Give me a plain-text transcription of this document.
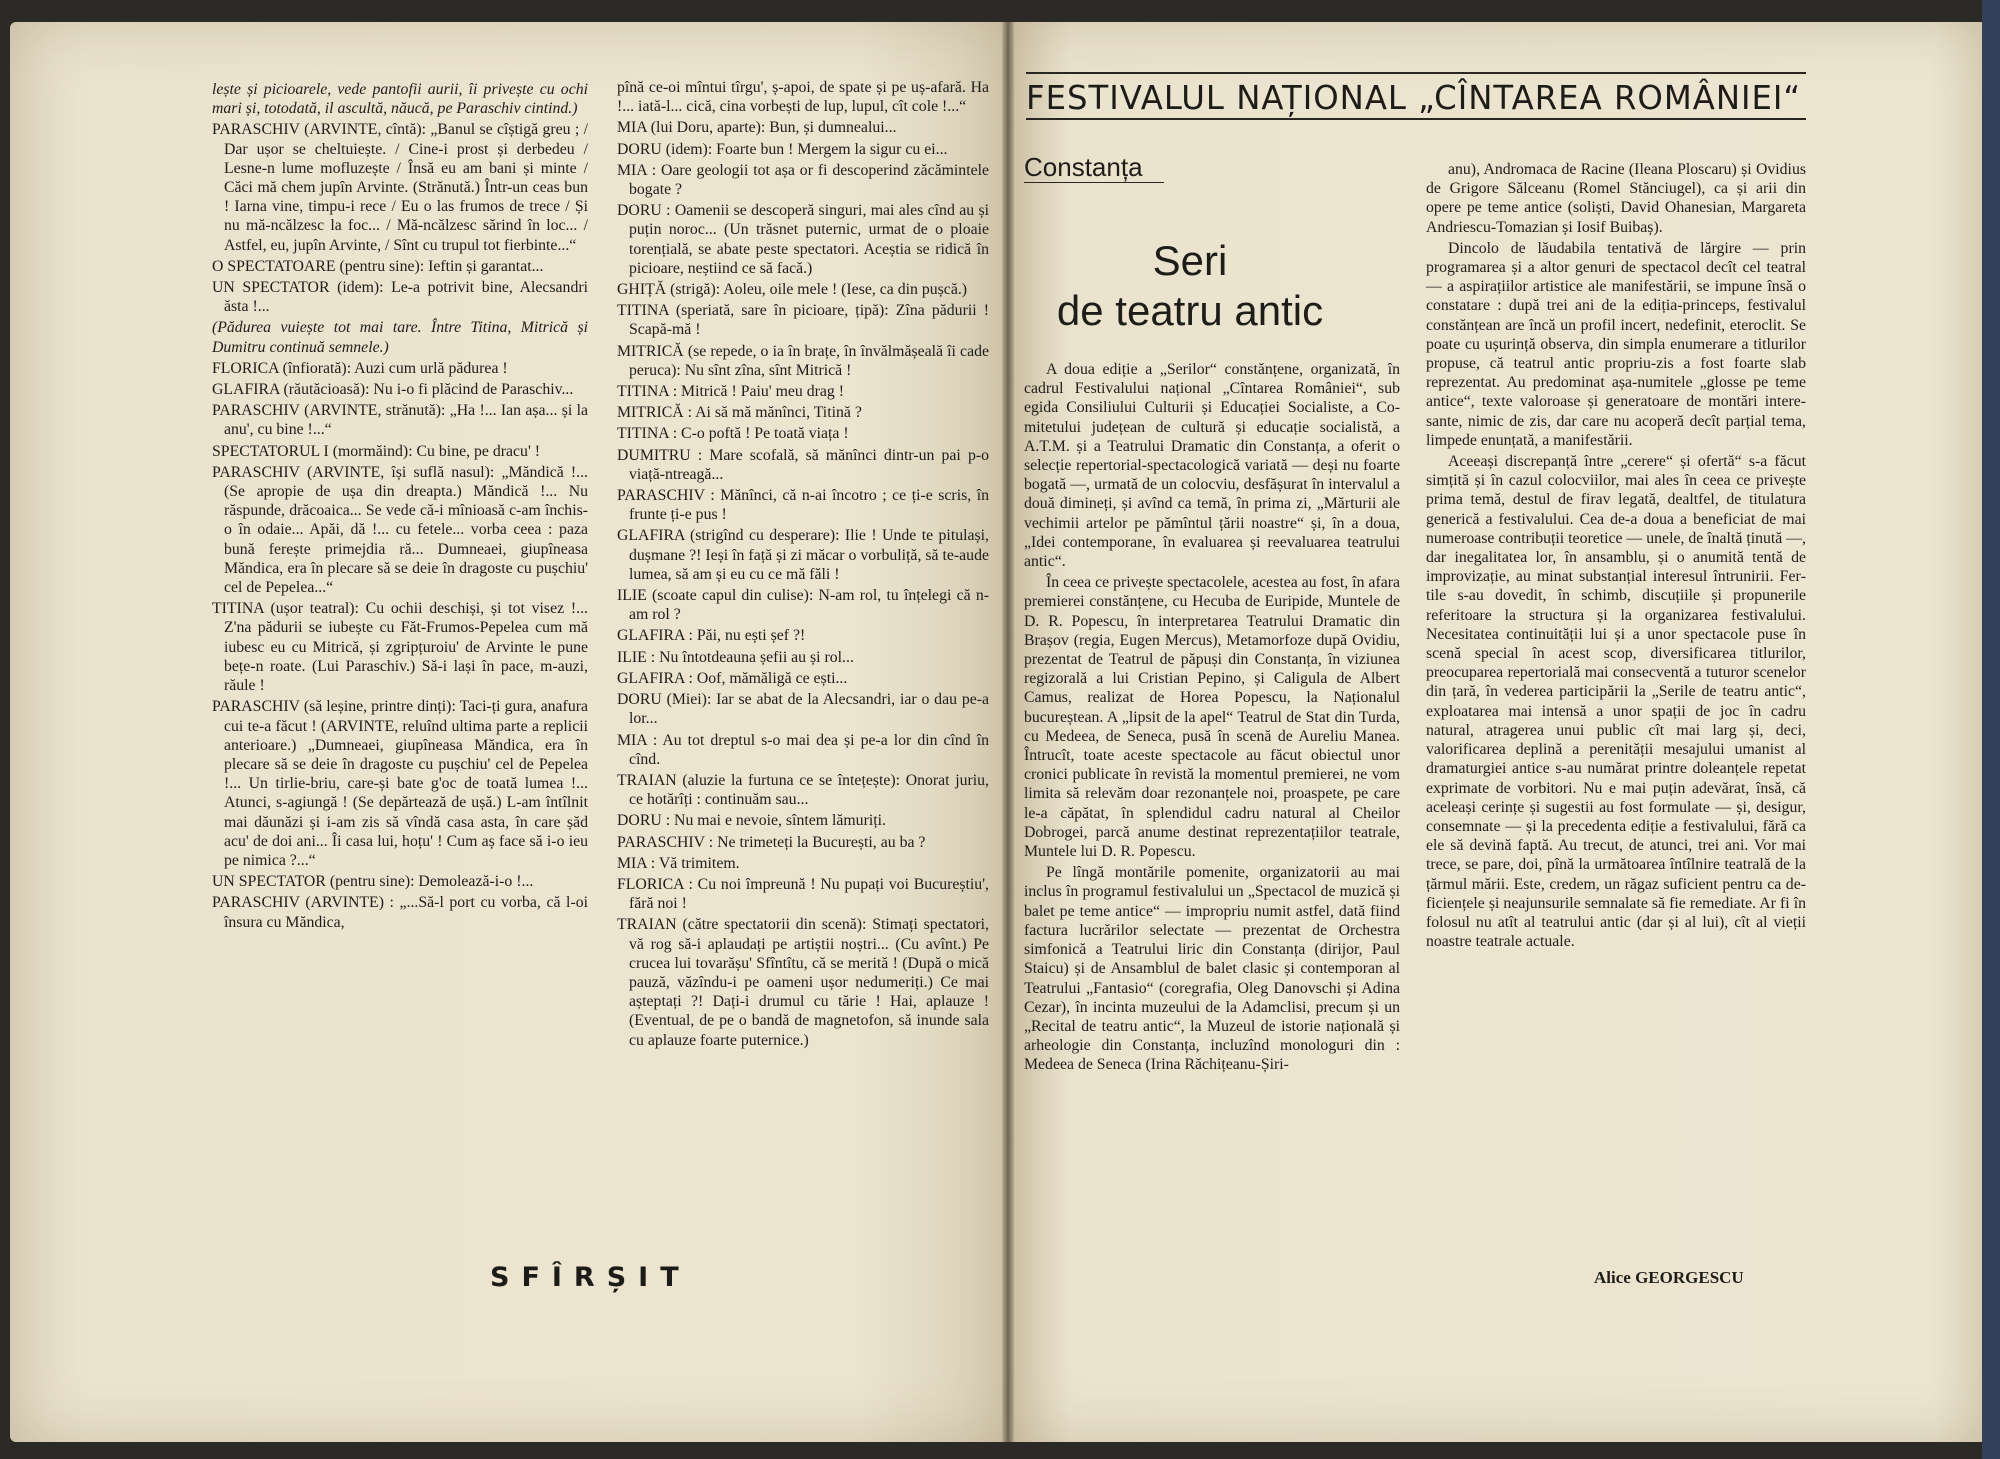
lește și picioarele, vede pantofii aurii, îi privește cu ochi mari și, totodată, il ascultă, năucă, pe Paraschiv cintind.)

PARASCHIV (ARVINTE, cîntă): „Banul se cîștigă greu ; / Dar ușor se cheltuiește. / Cine-i prost și derbedeu / Lesne-n lume mofluzește / Însă eu am bani și minte / Căci mă chem jupîn Arvinte. (Strănută.) Într-un ceas bun ! Iarna vine, timpu-i rece / Eu o las frumos de trece / Și nu mă-ncălzesc la foc... / Mă-ncălzesc sărind în loc... / Astfel, eu, jupîn Arvinte, / Sînt cu trupul tot fierbinte...“

O SPECTATOARE (pentru sine): Ieftin și garantat...

UN SPECTATOR (idem): Le-a potrivit bine, Alecsandri ăsta !...

(Pădurea vuiește tot mai tare. Între Titina, Mitrică și Dumitru continuă semnele.)

FLORICA (înfiorată): Auzi cum urlă pădurea !

GLAFIRA (răutăcioasă): Nu i-o fi plăcind de Paraschiv...

PARASCHIV (ARVINTE, strănută): „Ha !... Ian așa... și la anu', cu bine !...“

SPECTATORUL I (mormăind): Cu bine, pe dracu' !

PARASCHIV (ARVINTE, își suflă nasul): „Măndică !... (Se apropie de ușa din dreapta.) Măndică !... Nu răspunde, drăcoaica... Se vede că-i mînioasă c-am închis-o în odaie... Apăi, dă !... cu fetele... vorba ceea : paza bună ferește primejdia ră... Dumneaei, giupîneasa Măndica, era în plecare să se deie în dragoste cu pușchiu' cel de Pepelea...“

TITINA (ușor teatral): Cu ochii deschiși, și tot visez !... Z'na pădurii se iubește cu Făt-Frumos-Pepelea cum mă iubesc eu cu Mitrică, și zgripțuroiu' de Arvinte le pune bețe-n roate. (Lui Paraschiv.) Să-i lași în pace, m-auzi, răule !

PARASCHIV (să leșine, printre dinți): Taci-ți gura, anafura cui te-a făcut ! (ARVINTE, reluînd ultima parte a replicii anterioare.) „Dumneaei, giupîneasa Măndica, era în plecare să se deie în dragoste cu pușchiu' cel de Pepelea !... Un tirlie-briu, care-și bate g'oc de toată lumea !... Atunci, s-agiungă ! (Se depărtează de ușă.) L-am întîlnit mai dăunăzi și i-am zis să vîndă casa asta, în care șăd acu' de doi ani... Îi casa lui, hoțu' ! Cum aș face să i-o ieu pe nimica ?...“

UN SPECTATOR (pentru sine): Demolează-i-o !...

PARASCHIV (ARVINTE) : „...Să-l port cu vorba, că l-oi însura cu Măndica,

pînă ce-oi mîntui tîrgu', ș-apoi, de spate și pe uș-afară. Ha !... iată-l... cică, cina vorbești de lup, lupul, cît cole !...“

MIA (lui Doru, aparte): Bun, și dumnealui...

DORU (idem): Foarte bun ! Mergem la sigur cu ei...

MIA : Oare geologii tot așa or fi descoperind zăcămintele bogate ?

DORU : Oamenii se descoperă singuri, mai ales cînd au și puțin noroc... (Un trăsnet puternic, urmat de o ploaie torențială, se abate peste spectatori. Aceștia se ridică în picioare, neștiind ce să facă.)

GHIȚĂ (strigă): Aoleu, oile mele ! (Iese, ca din pușcă.)

TITINA (speriată, sare în picioare, țipă): Zîna pădurii ! Scapă-mă !

MITRICĂ (se repede, o ia în brațe, în învălmășeală îi cade peruca): Nu sînt zîna, sînt Mitrică !

TITINA : Mitrică ! Paiu' meu drag !

MITRICĂ : Ai să mă mănînci, Titină ?

TITINA : C-o poftă ! Pe toată viața !

DUMITRU : Mare scofală, să mănînci dintr-un pai p-o viață-ntreagă...

PARASCHIV : Mănînci, că n-ai încotro ; ce ți-e scris, în frunte ți-e pus !

GLAFIRA (strigînd cu desperare): Ilie ! Unde te pitulași, dușmane ?! Ieși în față și zi măcar o vorbuliță, să te-aude lumea, să am și eu cu ce mă făli !

ILIE (scoate capul din culise): N-am rol, tu înțelegi că n-am rol ?

GLAFIRA : Păi, nu ești șef ?!

ILIE : Nu întotdeauna șefii au și rol...

GLAFIRA : Oof, mămăligă ce ești...

DORU (Miei): Iar se abat de la Alecsandri, iar o dau pe-a lor...

MIA : Au tot dreptul s-o mai dea și pe-a lor din cînd în cînd.

TRAIAN (aluzie la furtuna ce se întețește): Onorat juriu, ce hotărîți : continuăm sau...

DORU : Nu mai e nevoie, sîntem lămuriți.

PARASCHIV : Ne trimeteți la București, au ba ?

MIA : Vă trimitem.

FLORICA : Cu noi împreună ! Nu pupați voi Bucureștiu', fără noi !

TRAIAN (către spectatorii din scenă): Stimați spectatori, vă rog să-i aplaudați pe artiștii noștri... (Cu avînt.) Pe crucea lui tovarășu' Sfîntîtu, că se merită ! (După o mică pauză, văzîndu-i pe oameni ușor nedumeriți.) Ce mai așteptați ?! Dați-i drumul cu tărie ! Hai, aplauze ! (Eventual, de pe o bandă de magnetofon, să inunde sala cu aplauze foarte puternice.)

SFÎRȘIT
FESTIVALUL NAȚIONAL „CÎNTAREA ROMÂNIEI“
Constanța
Seri
de teatru antic

A doua ediție a „Serilor“ constănțene, organizată, în cadrul Festivalului național „Cîntarea României“, sub egida Consiliului Culturii și Educației Socialiste, a Comitetului județean de cultură și educație socialistă, a A.T.M. și a Teatrului Dramatic din Constanța, a oferit o selecție repertorial-spectacologică variată — deși nu foarte bogată —, urmată de un colocviu, desfășurat în intervalul a două dimineți, și avînd ca temă, în prima zi, „Mărturii ale vechimii artelor pe pămîntul țării noastre“ și, în a doua, „Idei contemporane, în evaluarea și reevaluarea teatrului antic“.

În ceea ce privește spectacolele, acestea au fost, în afara premierei constănțene, cu Hecuba de Euripide, Muntele de D. R. Popescu, în interpretarea Teatrului Dramatic din Brașov (regia, Eugen Mercus), Metamorfoze după Ovidiu, prezentat de Teatrul de păpuși din Constanța, în viziunea regizorală a lui Cristian Pepino, și Caligula de Albert Camus, realizat de Horea Popescu, la Naționalul bucureștean. A „lipsit de la apel“ Teatrul de Stat din Turda, cu Medeea, de Seneca, pusă în scenă de Aureliu Manea. Întrucît, toate aceste spectacole au făcut obiectul unor cronici publicate în revistă la momentul premierei, ne vom limita să relevăm doar rezonanțele noi, proaspete, pe care le-a căpătat, în splendidul cadru natural al Cheilor Dobrogei, parcă anume destinat reprezentațiilor teatrale, Muntele lui D. R. Popescu.

Pe lîngă montările pomenite, organizatorii au mai inclus în programul festivalului un „Spectacol de muzică și balet pe teme antice“ — impropriu numit astfel, dată fiind factura lucrărilor selectate — prezentat de Orchestra simfonică a Teatrului liric din Constanța (dirijor, Paul Staicu) și de Ansamblul de balet clasic și contemporan al Teatrului „Fantasio“ (coregrafia, Oleg Danovschi și Adina Cezar), în incinta muzeului de la Adamclisi, precum și un „Recital de teatru antic“, la Muzeul de istorie națională și arheologie din Constanța, incluzînd monologuri din : Medeea de Seneca (Irina Răchițeanu-Șiri-

anu), Andromaca de Racine (Ileana Ploscaru) și Ovidius de Grigore Sălceanu (Romel Stănciugel), ca și arii din opere pe teme antice (soliști, David Ohanesian, Margareta Andriescu-Tomazian și Iosif Buibaș).

Dincolo de lăudabila tentativă de lărgire — prin programarea și a altor genuri de spectacol decît cel teatral — a aspirațiilor artistice ale manifestării, se impune însă o constatare : după trei ani de la ediția-princeps, festivalul constănțean are încă un profil incert, nedefinit, eteroclit. Se poate cu ușurință observa, din simpla enumerare a titlurilor propuse, că teatrul antic propriu-zis a fost foarte slab reprezentat. Au predominat așa-numitele „glosse pe teme antice“, texte valoroase și generatoare de montări interesante, nimic de zis, dar care nu acoperă decît parțial tema, limpede enunțată, a manifestării.

Aceeași discrepanță între „cerere“ și ofertă“ s-a făcut simțită și în cazul colocviilor, mai ales în ceea ce privește prima temă, destul de firav legată, dealtfel, de titulatura generică a festivalului. Cea de-a doua a beneficiat de mai numeroase contribuții teoretice — unele, de înaltă ținută —, dar inegalitatea lor, în ansamblu, și o anumită tentă de improvizație, au minat substanțial interesul întrunirii. Fertile s-au dovedit, în schimb, discuțiile și propunerile referitoare la structura și la organizarea festivalului. Necesitatea continuității lui și a unor spectacole puse în scenă special în acest scop, diversificarea titlurilor, preocuparea repertorială mai consecventă a tuturor scenelor din țară, în vederea participării la „Serile de teatru antic“, exploatarea mai intensă a unor spații de joc în cadru natural, atragerea unui public cît mai larg și, deci, valorificarea deplină a perenității mesajului umanist al dramaturgiei antice s-au numărat printre doleanțele repetat exprimate de vorbitori. Nu e mai puțin adevărat, însă, că aceleași cerințe și sugestii au fost formulate — și, desigur, consemnate — și la precedenta ediție a festivalului, fără ca ele să devină faptă. Au trecut, de atunci, trei ani. Vor mai trece, se pare, doi, pînă la următoarea întîlnire teatrală de la țărmul mării. Este, credem, un răgaz suficient pentru ca deficiențele și neajunsurile semnalate să fie remediate. Ar fi în folosul nu atît al teatrului antic (dar și al lui), cît al vieții noastre teatrale actuale.

Alice GEORGESCU
